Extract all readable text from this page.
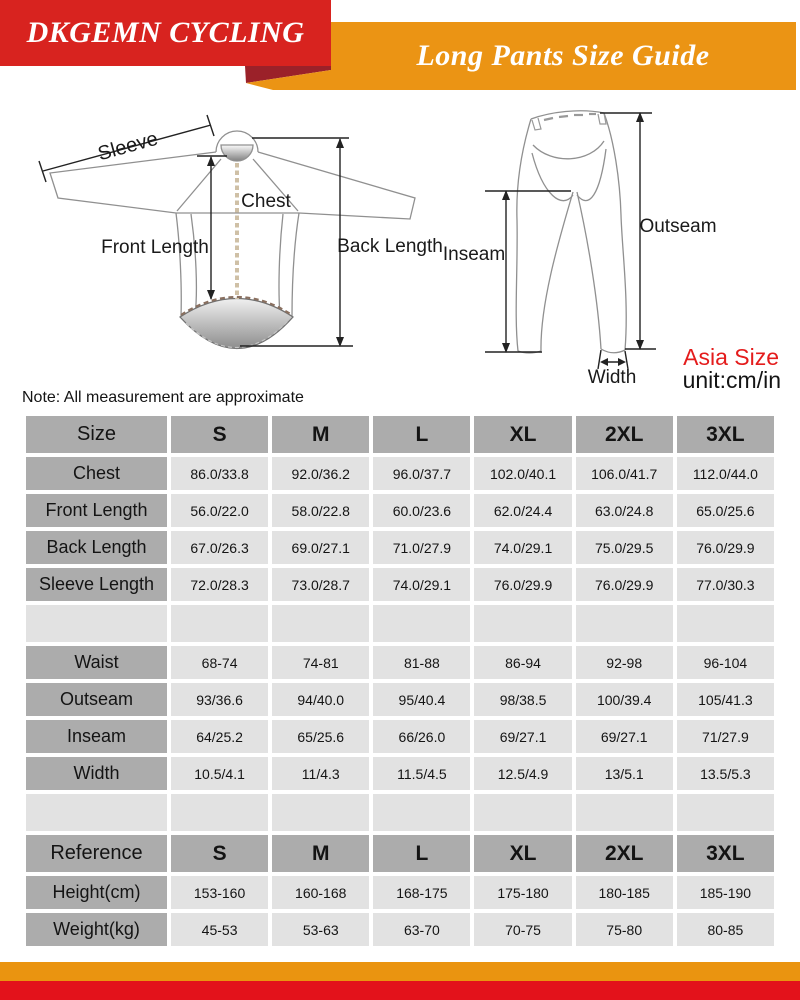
Long Pants Size Guide
DKGEMN CYCLING
Sleeve
Chest
Front Length	Back Length Inseam
Outseam
Width
Asia Size
unit:cm/in
Note: All measurement are approximate
Size	S	M	L	XL	2XL	3XL
Chest	86.0/33.8	92.0/36.2	96.0/37.7	102.0/40.1	106.0/41.7	112.0/44.0
Front Length	56.0/22.0	58.0/22.8	60.0/23.6	62.0/24.4	63.0/24.8	65.0/25.6
Back Length	67.0/26.3	69.0/27.1	71.0/27.9	74.0/29.1	75.0/29.5	76.0/29.9
Sleeve Length	72.0/28.3	73.0/28.7	74.0/29.1	76.0/29.9	76.0/29.9	77.0/30.3

Waist	68-74	74-81	81-88	86-94	92-98	96-104
Outseam	93/36.6	94/40.0	95/40.4	98/38.5	100/39.4	105/41.3
Inseam	64/25.2	65/25.6	66/26.0	69/27.1	69/27.1	71/27.9
Width	10.5/4.1	11/4.3	11.5/4.5	12.5/4.9	13/5.1	13.5/5.3

Reference	S	M	L	XL	2XL	3XL
Height(cm)	153-160	160-168	168-175	175-180	180-185	185-190
Weight(kg)	45-53	53-63	63-70	70-75	75-80	80-85
